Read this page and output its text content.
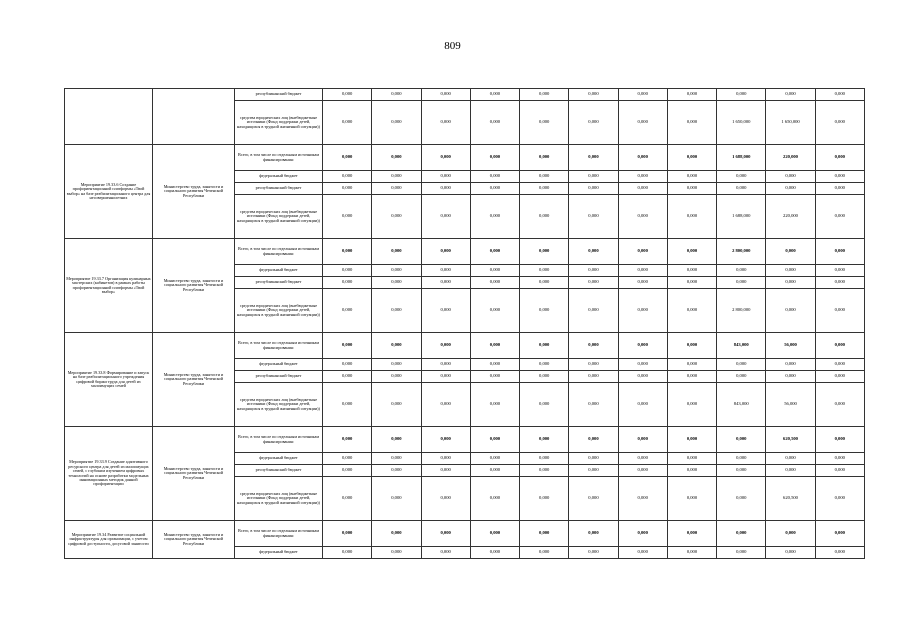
809
		республиканский бюджет	0,000	0,000	0,000	0,000	0,000	0,000	0,000	0,000	0,000	0,000	0,000
		средства юридических лиц (внебюджетные источники (Фонд поддержки детей, находящихся в трудной жизненной ситуации))	0,000	0,000	0,000	0,000	0,000	0,000	0,000	0,000	1 650,000	1 650,000	0,000
Мероприятие 19.33.6 Создание профориентационной платформы «Твой выбор» на базе реабилитационного центра для несовершеннолетних	Министерство труда, занятости и социального развития Чеченской Республики	Всего, в том числе по отдельным источникам финансирования:	0,000	0,000	0,000	0,000	0,000	0,000	0,000	0,000	1 688,000	220,000	0,000
		федеральный бюджет	0,000	0,000	0,000	0,000	0,000	0,000	0,000	0,000	0,000	0,000	0,000
		республиканский бюджет	0,000	0,000	0,000	0,000	0,000	0,000	0,000	0,000	0,000	0,000	0,000
		средства юридических лиц (внебюджетные источники (Фонд поддержки детей, находящихся в трудной жизненной ситуации))	0,000	0,000	0,000	0,000	0,000	0,000	0,000	0,000	1 688,000	220,000	0,000
Мероприятие 19.33.7 Организация кулинарных мастерских (кабинетов) в рамках работы профориентационной платформы «Твой выбор»	Министерство труда, занятости и социального развития Чеченской Республики	Всего, в том числе по отдельным источникам финансирования:	0,000	0,000	0,000	0,000	0,000	0,000	0,000	0,000	2 800,000	0,000	0,000
		федеральный бюджет	0,000	0,000	0,000	0,000	0,000	0,000	0,000	0,000	0,000	0,000	0,000
		республиканский бюджет	0,000	0,000	0,000	0,000	0,000	0,000	0,000	0,000	0,000	0,000	0,000
		средства юридических лиц (внебюджетные источники (Фонд поддержки детей, находящихся в трудной жизненной ситуации))	0,000	0,000	0,000	0,000	0,000	0,000	0,000	0,000	2 800,000	0,000	0,000
Мероприятие 19.33.8 Формирование и запуск на базе реабилитационного учреждения цифровой биржи труда для детей из малоимущих семей	Министерство труда, занятости и социального развития Чеченской Республики	Всего, в том числе по отдельным источникам финансирования:	0,000	0,000	0,000	0,000	0,000	0,000	0,000	0,000	843,000	56,000	0,000
		федеральный бюджет	0,000	0,000	0,000	0,000	0,000	0,000	0,000	0,000	0,000	0,000	0,000
		республиканский бюджет	0,000	0,000	0,000	0,000	0,000	0,000	0,000	0,000	0,000	0,000	0,000
		средства юридических лиц (внебюджетные источники (Фонд поддержки детей, находящихся в трудной жизненной ситуации))	0,000	0,000	0,000	0,000	0,000	0,000	0,000	0,000	843,000	56,000	0,000
Мероприятие 19.33.9 Создание адаптивного ресурсного центра для детей из малоимущих семей, с глубоким изучением цифровых технологий на основе разработки модельных инновационных методик данной профориентации	Министерство труда, занятости и социального развития Чеченской Республики	Всего, в том числе по отдельным источникам финансирования:	0,000	0,000	0,000	0,000	0,000	0,000	0,000	0,000	0,000	620,500	0,000
		федеральный бюджет	0,000	0,000	0,000	0,000	0,000	0,000	0,000	0,000	0,000	0,000	0,000
		республиканский бюджет	0,000	0,000	0,000	0,000	0,000	0,000	0,000	0,000	0,000	0,000	0,000
		средства юридических лиц (внебюджетные источники (Фонд поддержки детей, находящихся в трудной жизненной ситуации))	0,000	0,000	0,000	0,000	0,000	0,000	0,000	0,000	0,000	620,500	0,000
Мероприятие 19.34 Развитие социальной инфраструктуры для организации, с учетом цифровой доступности, досуговой занятости	Министерство труда, занятости и социального развития Чеченской Республики	Всего, в том числе по отдельным источникам финансирования:	0,000	0,000	0,000	0,000	0,000	0,000	0,000	0,000	0,000	0,000	0,000
		федеральный бюджет	0,000	0,000	0,000	0,000	0,000	0,000	0,000	0,000	0,000	0,000	0,000
